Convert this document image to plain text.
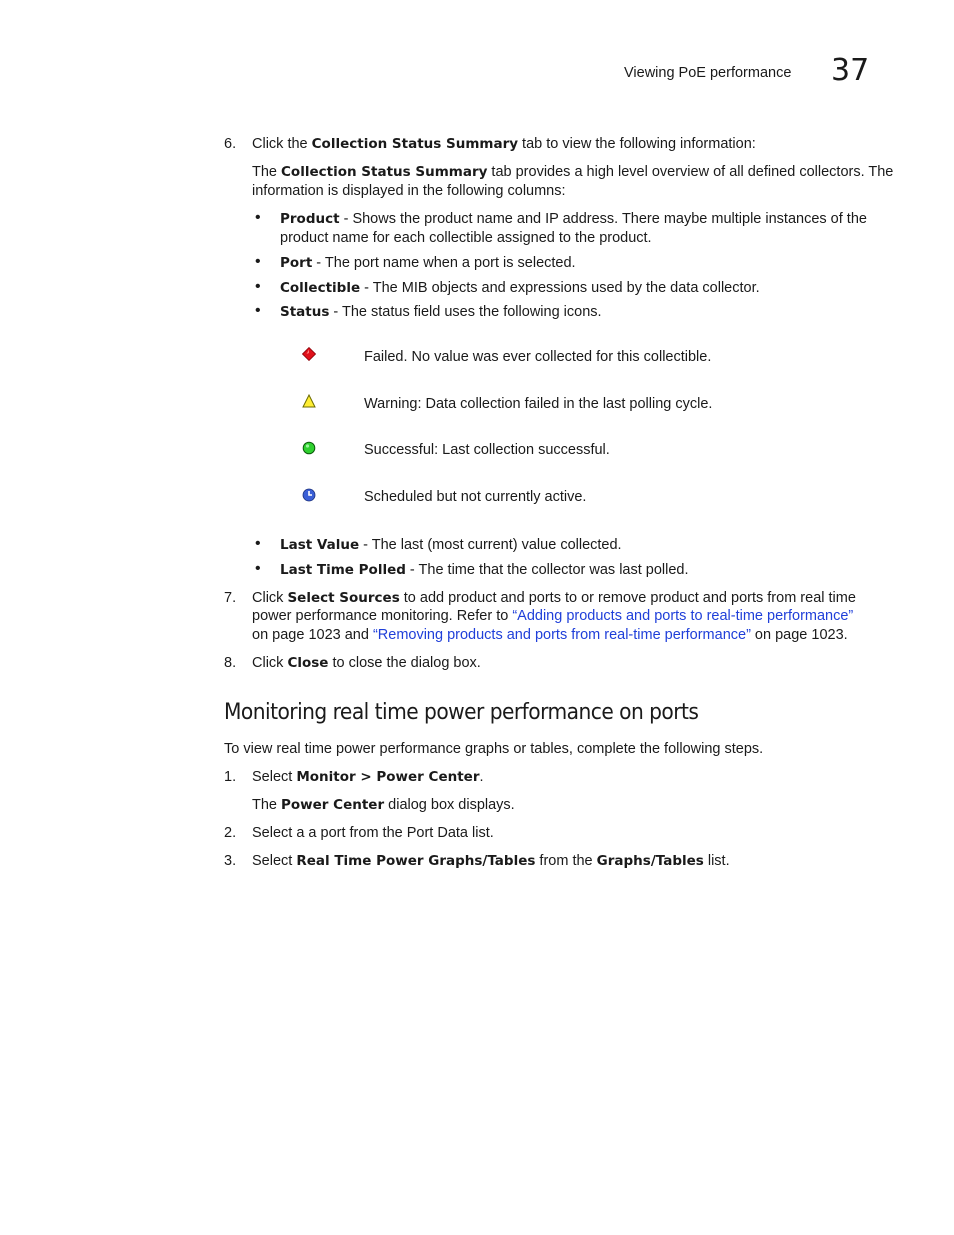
Viewing PoE performance 37
6. Click the Collection Status Summary tab to view the following information:
The Collection Status Summary tab provides a high level overview of all defined collectors. The
information is displayed in the following columns:
• Product - Shows the product name and IP address. There maybe multiple instances of the
product name for each collectible assigned to the product.
• Port - The port name when a port is selected.
• Collectible - The MIB objects and expressions used by the data collector.
• Status - The status field uses the following icons.
Failed. No value was ever collected for this collectible.
Warning: Data collection failed in the last polling cycle.
Successful: Last collection successful.
Scheduled but not currently active.
• Last Value - The last (most current) value collected.
• Last Time Polled - The time that the collector was last polled.
7. Click Select Sources to add product and ports to or remove product and ports from real time
power performance monitoring. Refer to “Adding products and ports to real-time performance”
on page 1023 and “Removing products and ports from real-time performance” on page 1023.
8. Click Close to close the dialog box.
Monitoring real time power performance on ports
To view real time power performance graphs or tables, complete the following steps.
1. Select Monitor > Power Center.
The Power Center dialog box displays.
2. Select a a port from the Port Data list.
3. Select Real Time Power Graphs/Tables from the Graphs/Tables list.
